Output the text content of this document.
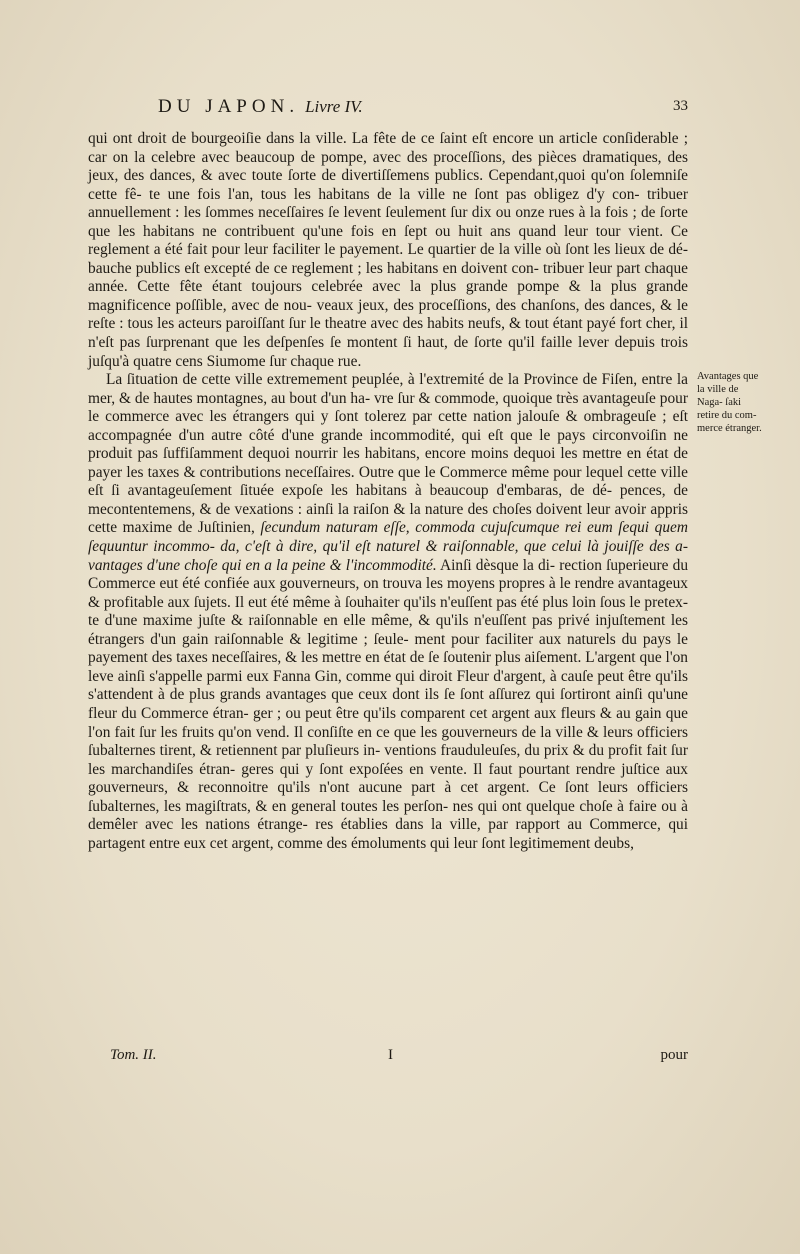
DU JAPON. Livre IV.	33

qui ont droit de bourgeoiſie dans la ville. La fête de ce ſaint eſt encore un article conſiderable ; car on la celebre avec beaucoup de pompe, avec des proceſſions, des pièces dramatiques, des jeux, des dances, & avec toute ſorte de divertiſſemens publics. Cependant,quoi qu'on ſolemniſe cette fê- te une fois l'an, tous les habitans de la ville ne ſont pas obligez d'y con- tribuer annuellement : les ſommes neceſſaires ſe levent ſeulement ſur dix ou onze rues à la fois ; de ſorte que les habitans ne contribuent qu'une fois en ſept ou huit ans quand leur tour vient. Ce reglement a été fait pour leur faciliter le payement. Le quartier de la ville où ſont les lieux de dé- bauche publics eſt excepté de ce reglement ; les habitans en doivent con- tribuer leur part chaque année. Cette fête étant toujours celebrée avec la plus grande pompe & la plus grande magnificence poſſible, avec de nou- veaux jeux, des proceſſions, des chanſons, des dances, & le reſte : tous les acteurs paroiſſant ſur le theatre avec des habits neufs, & tout étant payé fort cher, il n'eſt pas ſurprenant que les deſpenſes ſe montent ſi haut, de ſorte qu'il faille lever depuis trois juſqu'à quatre cens Siumome ſur chaque rue.

La ſituation de cette ville extremement peuplée, à l'extremité de la Province de Fiſen, entre la mer, & de hautes montagnes, au bout d'un ha- vre ſur & commode, quoique très avantageuſe pour le commerce avec les étrangers qui y ſont tolerez par cette nation jalouſe & ombrageuſe ; eſt accompagnée d'un autre côté d'une grande incommodité, qui eſt que le pays circonvoiſin ne produit pas ſuffiſamment dequoi nourrir les habitans, encore moins dequoi les mettre en état de payer les taxes & contributions neceſſaires. Outre que le Commerce même pour lequel cette ville eſt ſi avantageuſement ſituée expoſe les habitans à beaucoup d'embaras, de dé- pences, de mecontentemens, & de vexations : ainſi la raiſon & la nature des choſes doivent leur avoir appris cette maxime de Juſtinien, ſecundum naturam eſſe, commoda cujuſcumque rei eum ſequi quem ſequuntur incommo- da, c'eſt à dire, qu'il eſt naturel & raiſonnable, que celui là jouiſſe des a- vantages d'une choſe qui en a la peine & l'incommodité. Ainſi dèsque la di- rection ſuperieure du Commerce eut été confiée aux gouverneurs, on trouva les moyens propres à le rendre avantageux & profitable aux ſujets. Il eut été même à ſouhaiter qu'ils n'euſſent pas été plus loin ſous le pretex- te d'une maxime juſte & raiſonnable en elle même, & qu'ils n'euſſent pas privé injuſtement les étrangers d'un gain raiſonnable & legitime ; ſeule- ment pour faciliter aux naturels du pays le payement des taxes neceſſaires, & les mettre en état de ſe ſoutenir plus aiſement. L'argent que l'on leve ainſi s'appelle parmi eux Fanna Gin, comme qui diroit Fleur d'argent, à cauſe peut être qu'ils s'attendent à de plus grands avantages que ceux dont ils ſe ſont aſſurez qui ſortiront ainſi qu'une fleur du Commerce étran- ger ; ou peut être qu'ils comparent cet argent aux fleurs & au gain que l'on fait ſur les fruits qu'on vend. Il conſiſte en ce que les gouverneurs de la ville & leurs officiers ſubalternes tirent, & retiennent par pluſieurs in- ventions frauduleuſes, du prix & du profit fait ſur les marchandiſes étran- geres qui y ſont expoſées en vente. Il faut pourtant rendre juſtice aux gouverneurs, & reconnoitre qu'ils n'ont aucune part à cet argent. Ce ſont leurs officiers ſubalternes, les magiſtrats, & en general toutes les perſon- nes qui ont quelque choſe à faire ou à demêler avec les nations étrange- res établies dans la ville, par rapport au Commerce, qui partagent entre eux cet argent, comme des émoluments qui leur ſont legitimement deubs,

Avantages que la ville de Naga- ſaki retire du com- merce étranger.
Tom. II.	I	pour
